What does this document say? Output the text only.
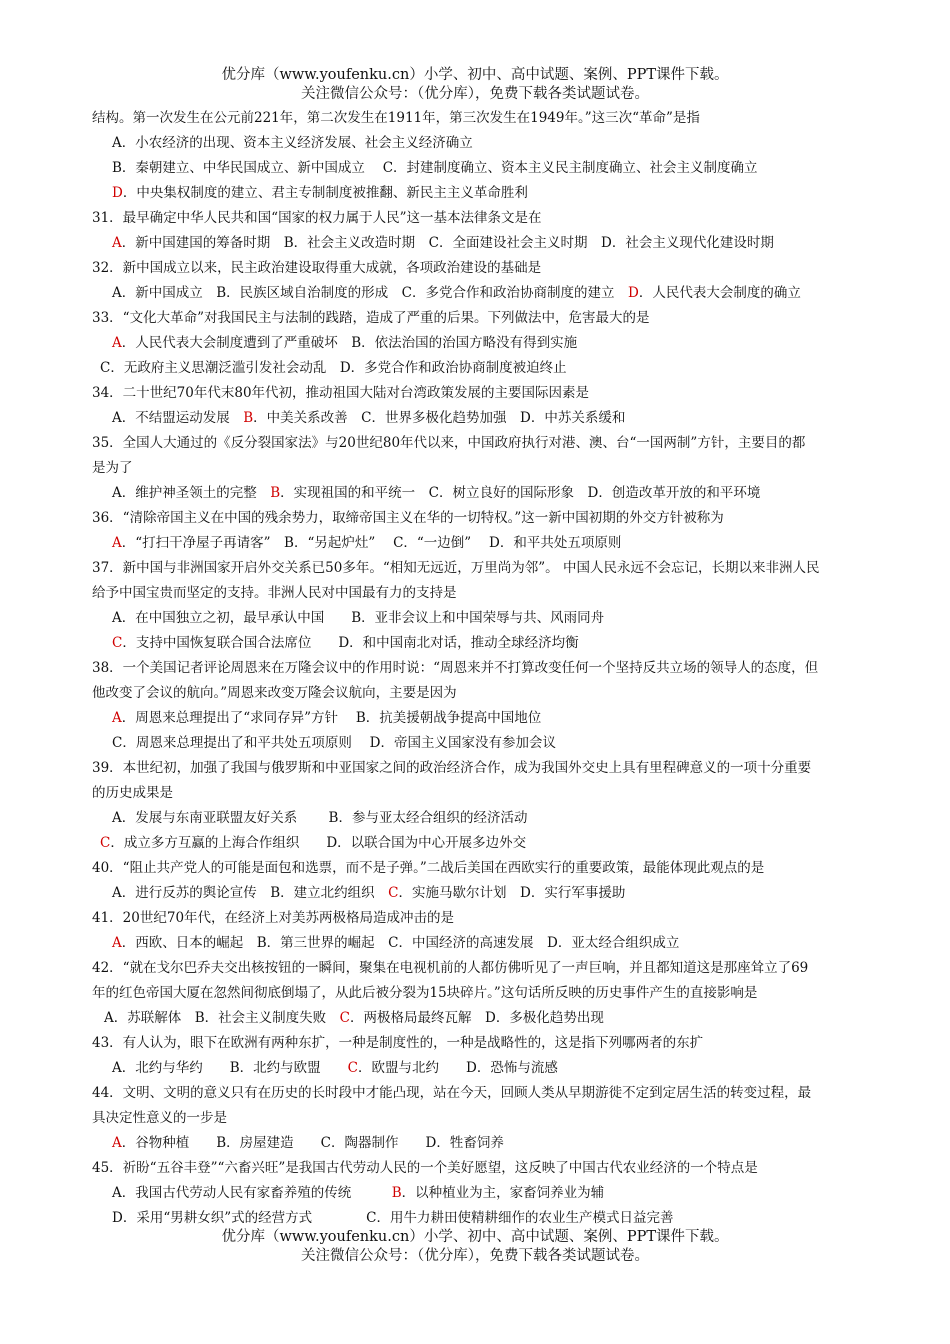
优分库（www.youfenku.cn）小学、初中、高中试题、案例、PPT课件下载。
关注微信公众号：（优分库），免费下载各类试题试卷。
结构。第一次发生在公元前221年，第二次发生在1911年，第三次发生在1949年。”这三次“革命”是指
A．小农经济的出现、资本主义经济发展、社会主义经济确立
B．秦朝建立、中华民国成立、新中国成立　 C．封建制度确立、资本主义民主制度确立、社会主义制度确立
D．中央集权制度的建立、君主专制制度被推翻、新民主主义革命胜利
31．最早确定中华人民共和国“国家的权力属于人民”这一基本法律条文是在
A．新中国建国的筹备时期　B．社会主义改造时期　C．全面建设社会主义时期　D．社会主义现代化建设时期
32．新中国成立以来，民主政治建设取得重大成就，各项政治建设的基础是
A．新中国成立　B．民族区域自治制度的形成　C．多党合作和政治协商制度的建立　D．人民代表大会制度的确立
33．“文化大革命”对我国民主与法制的践踏，造成了严重的后果。下列做法中，危害最大的是
A．人民代表大会制度遭到了严重破坏　B．依法治国的治国方略没有得到实施
C．无政府主义思潮泛滥引发社会动乱　D．多党合作和政治协商制度被迫终止
34．二十世纪70年代末80年代初，推动祖国大陆对台湾政策发展的主要国际因素是
A．不结盟运动发展　B．中美关系改善　C．世界多极化趋势加强　D．中苏关系缓和
35．全国人大通过的《反分裂国家法》与20世纪80年代以来，中国政府执行对港、澳、台“一国两制”方针，主要目的都
是为了
A．维护神圣领土的完整　B．实现祖国的和平统一　C．树立良好的国际形象　D．创造改革开放的和平环境
36．“清除帝国主义在中国的残余势力，取缔帝国主义在华的一切特权。”这一新中国初期的外交方针被称为
A．“打扫干净屋子再请客”　B．“另起炉灶”　 C．“一边倒”　 D．和平共处五项原则
37．新中国与非洲国家开启外交关系已50多年。“相知无远近，万里尚为邻”。 中国人民永远不会忘记，长期以来非洲人民
给予中国宝贵而坚定的支持。非洲人民对中国最有力的支持是
A．在中国独立之初，最早承认中国　　B．亚非会议上和中国荣辱与共、风雨同舟
C．支持中国恢复联合国合法席位　　D．和中国南北对话，推动全球经济均衡
38．一个美国记者评论周恩来在万隆会议中的作用时说：“周恩来并不打算改变任何一个坚持反共立场的领导人的态度，但
他改变了会议的航向。”周恩来改变万隆会议航向，主要是因为
A．周恩来总理提出了“求同存异”方针　 B．抗美援朝战争提高中国地位
C．周恩来总理提出了和平共处五项原则　 D．帝国主义国家没有参加会议
39．本世纪初，加强了我国与俄罗斯和中亚国家之间的政治经济合作，成为我国外交史上具有里程碑意义的一项十分重要
的历史成果是
A．发展与东南亚联盟友好关系　　 B．参与亚太经合组织的经济活动
C．成立多方互赢的上海合作组织　　D．以联合国为中心开展多边外交
40．“阻止共产党人的可能是面包和选票，而不是子弹。”二战后美国在西欧实行的重要政策，最能体现此观点的是
A．进行反苏的舆论宣传　B．建立北约组织　C．实施马歇尔计划　D．实行军事援助
41．20世纪70年代，在经济上对美苏两极格局造成冲击的是
A．西欧、日本的崛起　B．第三世界的崛起　C．中国经济的高速发展　D．亚太经合组织成立
42．“就在戈尔巴乔夫交出核按钮的一瞬间，聚集在电视机前的人都仿佛听见了一声巨响，并且都知道这是那座耸立了69
年的红色帝国大厦在忽然间彻底倒塌了，从此后被分裂为15块碎片。”这句话所反映的历史事件产生的直接影响是
A．苏联解体　B．社会主义制度失败　C．两极格局最终瓦解　D．多极化趋势出现
43．有人认为，眼下在欧洲有两种东扩，一种是制度性的，一种是战略性的，这是指下列哪两者的东扩
A．北约与华约　　B．北约与欧盟　　C．欧盟与北约　　D．恐怖与流感
44．文明、文明的意义只有在历史的长时段中才能凸现，站在今天，回顾人类从早期游徙不定到定居生活的转变过程，最
具决定性意义的一步是
A．谷物种植　　B．房屋建造　　C．陶器制作　　D．牲畜饲养
45．祈盼“五谷丰登”“六畜兴旺”是我国古代劳动人民的一个美好愿望，这反映了中国古代农业经济的一个特点是
A．我国古代劳动人民有家畜养殖的传统　　　B．以种植业为主，家畜饲养业为辅
D．采用“男耕女织”式的经营方式　　　　C．用牛力耕田使精耕细作的农业生产模式日益完善
优分库（www.youfenku.cn）小学、初中、高中试题、案例、PPT课件下载。
关注微信公众号：（优分库），免费下载各类试题试卷。
